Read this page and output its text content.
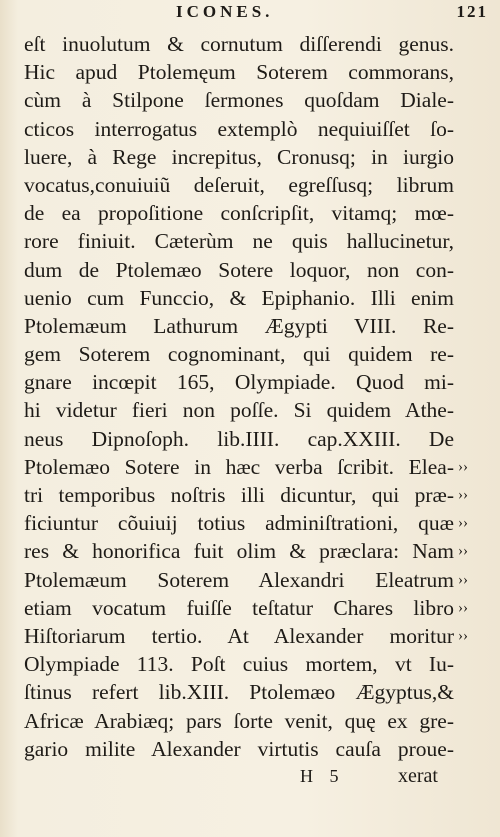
ICONES.	121
eſt inuolutum & cornutum diſſerendi genus.
Hic apud Ptolemęum Soterem commorans,
cùm à Stilpone ſermones quoſdam Diale-
cticos interrogatus extemplò nequiuiſſet ſo-
luere, à Rege increpitus, Cronusq; in iurgio
vocatus,conuiuiũ deſeruit, egreſſusq; librum
de ea propoſitione conſcripſit, vitamq; mœ-
rore finiuit. Cæterùm ne quis hallucinetur,
dum de Ptolemæo Sotere loquor, non con-
uenio cum Funccio, & Epiphanio. Illi enim
Ptolemæum Lathurum Ægypti VIII. Re-
gem Soterem cognominant, qui quidem re-
gnare incœpit 165, Olympiade. Quod mi-
hi videtur fieri non poſſe. Si quidem Athe-
neus Dipnoſoph. lib.IIII. cap.XXIII. De
Ptolemæo Sotere in hæc verba ſcribit. Elea-
tri temporibus noſtris illi dicuntur, qui præ-
ficiuntur cõuiuij totius adminiſtrationi, quæ
res & honorifica fuit olim & præclara: Nam
Ptolemæum Soterem Alexandri Eleatrum
etiam vocatum fuiſſe teſtatur Chares libro
Hiſtoriarum tertio. At Alexander moritur
Olympiade 113. Poſt cuius mortem, vt Iu-
ſtinus refert lib.XIII. Ptolemæo Ægyptus,&
Africæ Arabiæq; pars ſorte venit, quę ex gre-
gario milite Alexander virtutis cauſa proue-
››
››
››
››
››
››
››
H 5	xerat
